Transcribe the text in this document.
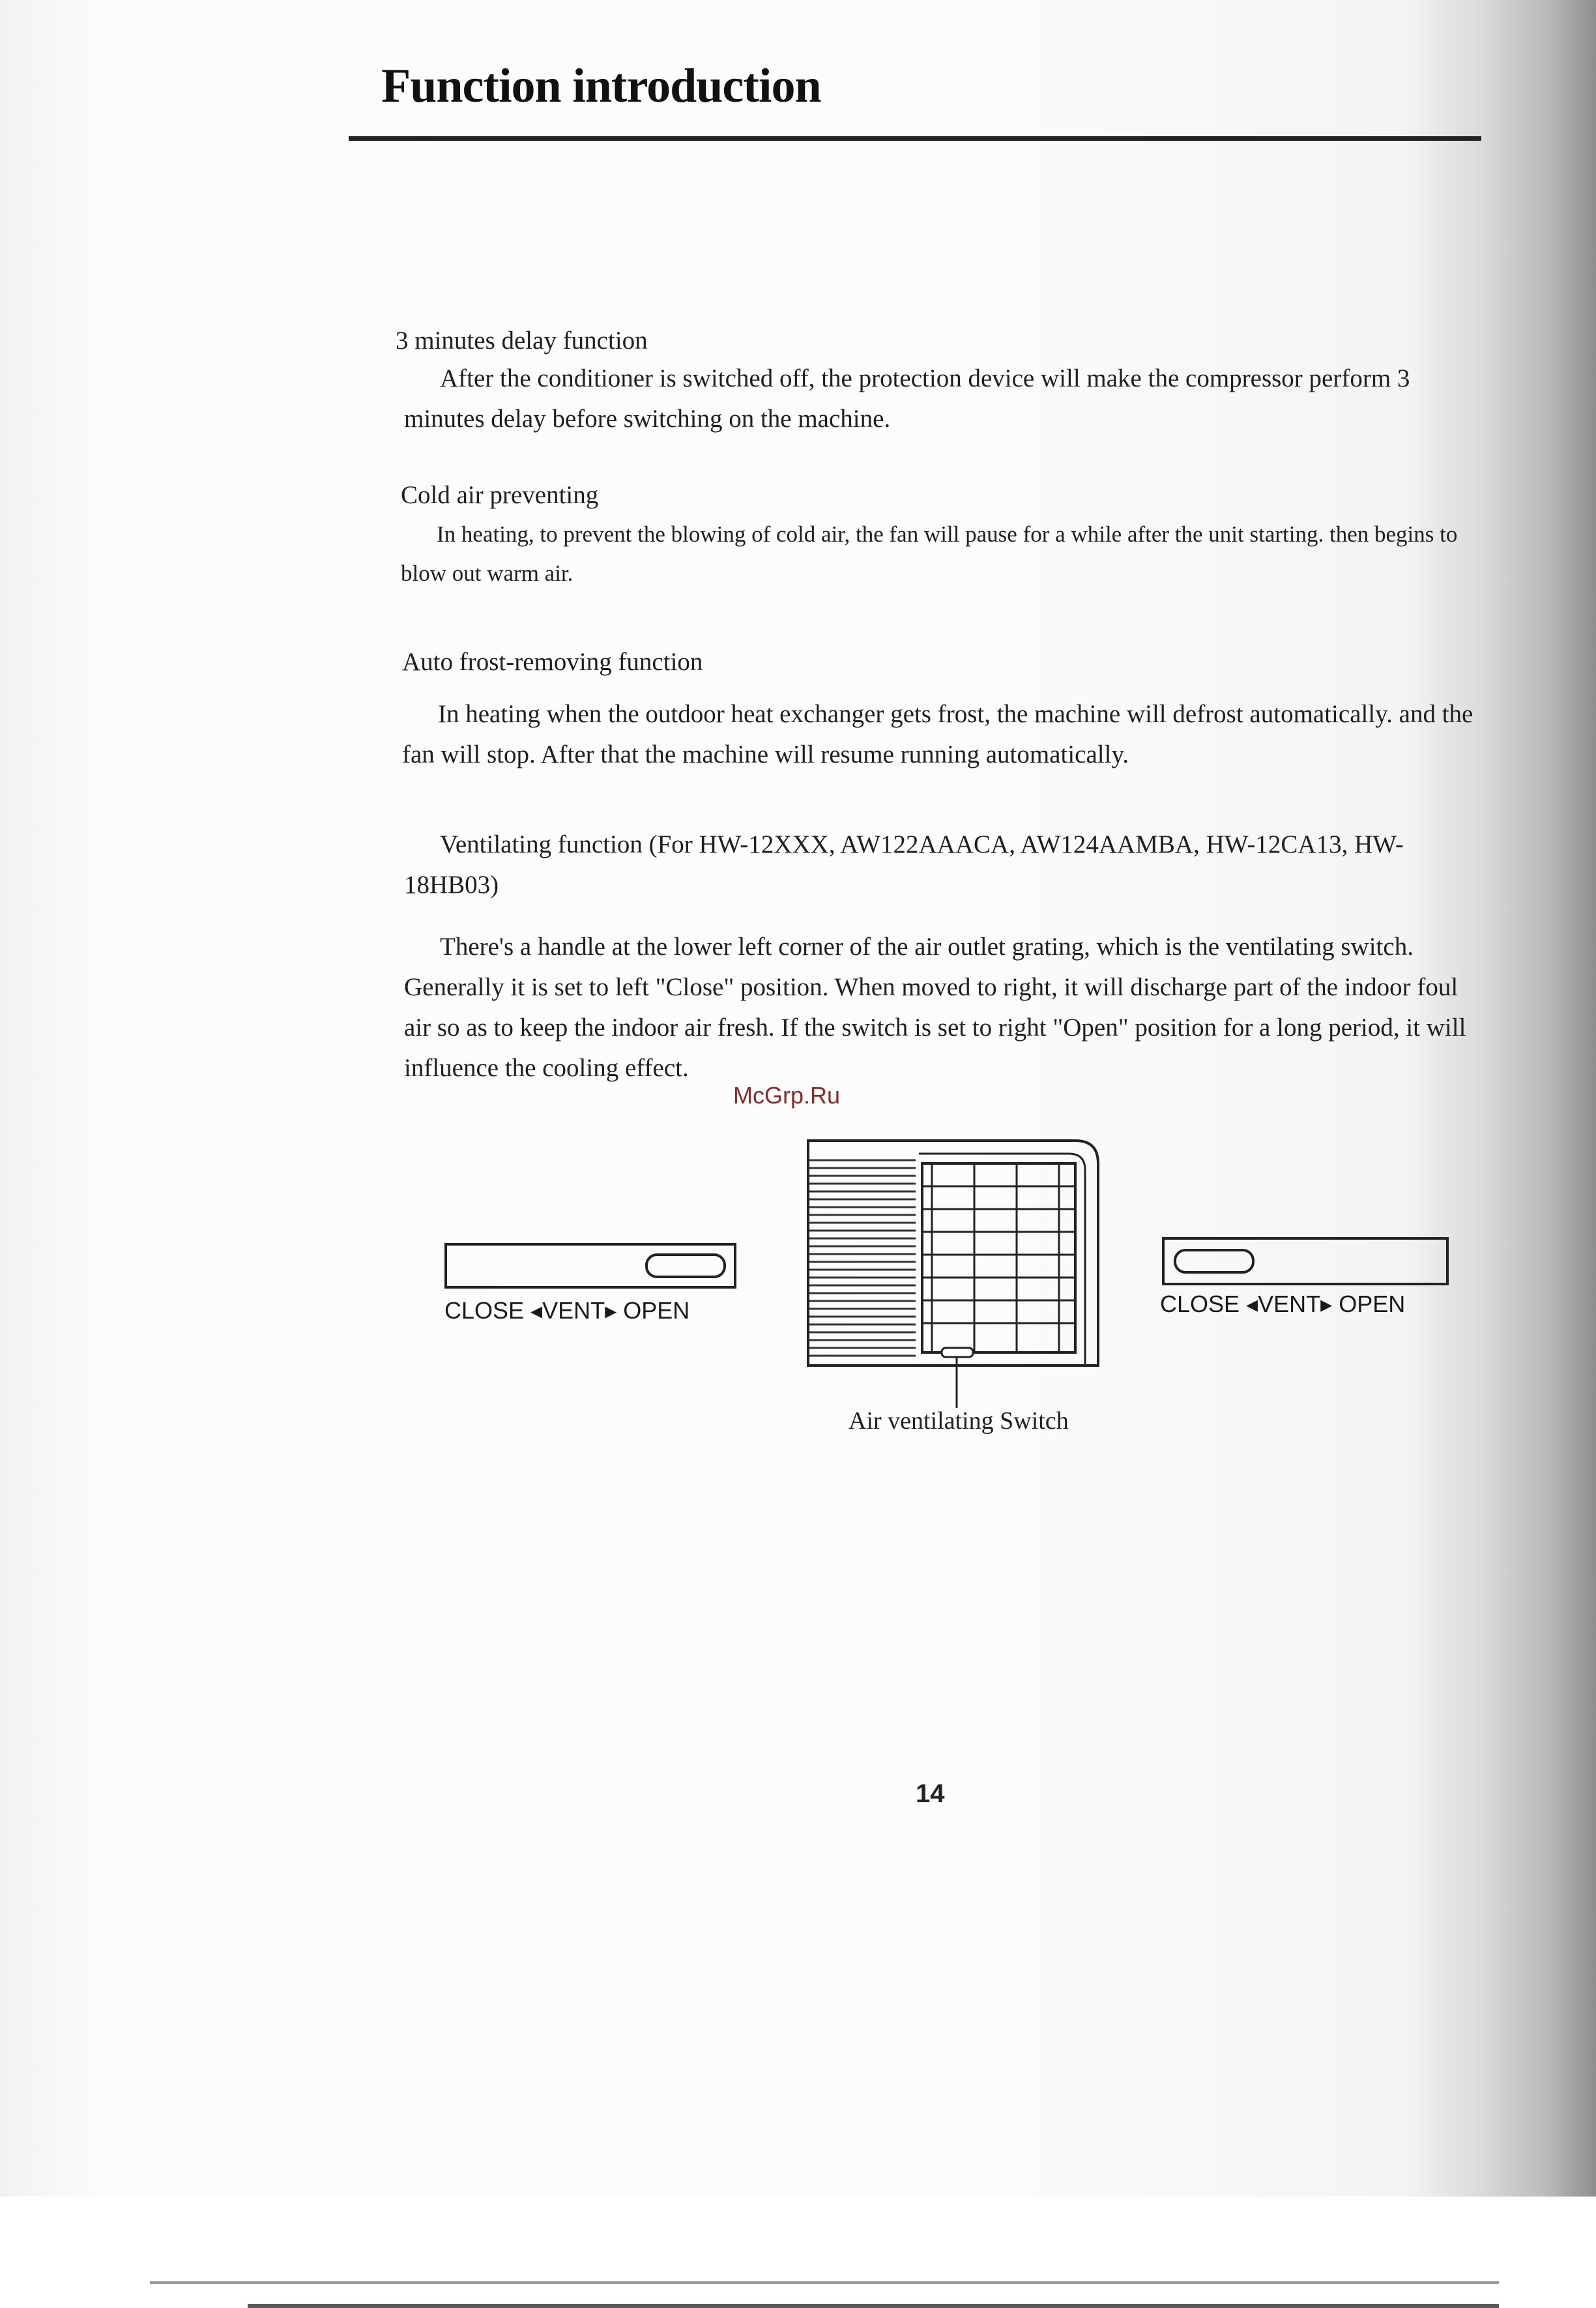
Function introduction
3 minutes delay function
After the conditioner is switched off, the protection device will make the compressor perform 3 minutes delay before switching on the machine.
Cold air preventing
In heating, to prevent the blowing of cold air, the fan will pause for a while after the unit starting. then begins to blow out warm air.
Auto frost-removing function
In heating when the outdoor heat exchanger gets frost, the machine will defrost automatically. and the fan will stop. After that the machine will resume running automatically.
Ventilating function (For HW-12XXX, AW122AAACA, AW124AAMBA, HW-12CA13, HW-18HB03)
There's a handle at the lower left corner of the air outlet grating, which is the ventilating switch. Generally it is set to left "Close" position. When moved to right, it will discharge part of the indoor foul air so as to keep the indoor air fresh. If the switch is set to right "Open" position for a long period, it will influence the cooling effect.
McGrp.Ru
CLOSE ◂VENT▸ OPEN	CLOSE ◂VENT▸ OPEN
Air ventilating Switch
14
